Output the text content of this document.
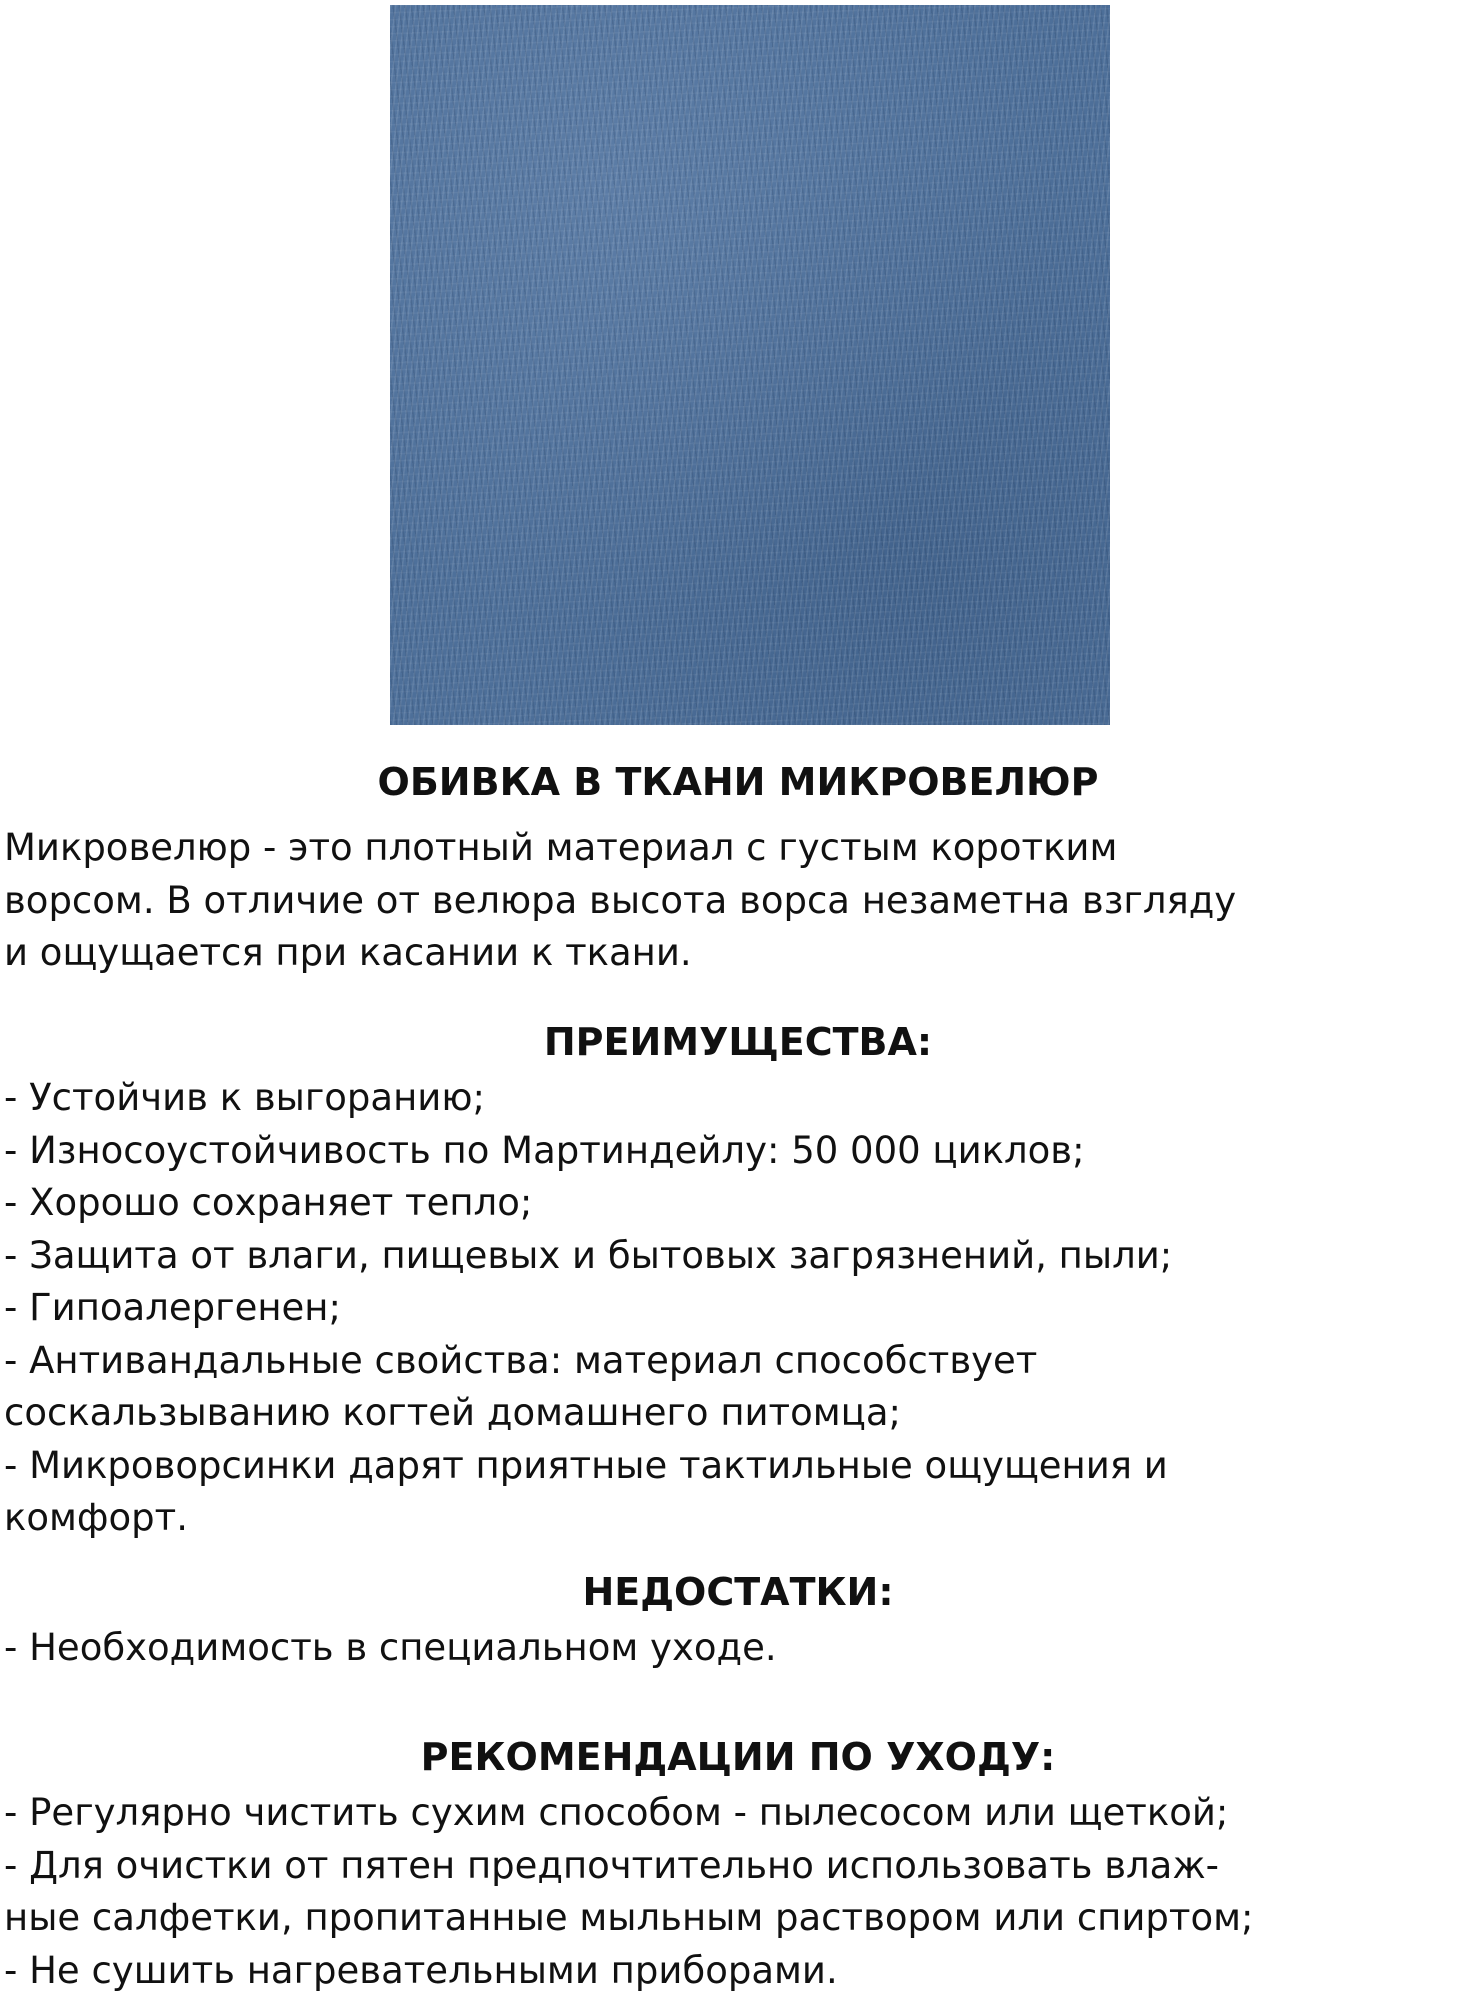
ОБИВКА В ТКАНИ МИКРОВЕЛЮР

Микровелюр - это плотный материал с густым коротким
ворсом. В отличие от велюра высота ворса незаметна взгляду
и ощущается при касании к ткани.

ПРЕИМУЩЕСТВА:
- Устойчив к выгоранию;
- Износоустойчивость по Мартиндейлу: 50 000 циклов;
- Хорошо сохраняет тепло;
- Защита от влаги, пищевых и бытовых загрязнений, пыли;
- Гипоалергенен;
- Антивандальные свойства: материал способствует
соскальзыванию когтей домашнего питомца;
- Микроворсинки дарят приятные тактильные ощущения и
комфорт.
НЕДОСТАТКИ:
- Необходимость в специальном уходе.
РЕКОМЕНДАЦИИ ПО УХОДУ:
- Регулярно чистить сухим способом - пылесосом или щеткой;
- Для очистки от пятен предпочтительно использовать влаж-
ные салфетки, пропитанные мыльным раствором или спиртом;
- Не сушить нагревательными приборами.
